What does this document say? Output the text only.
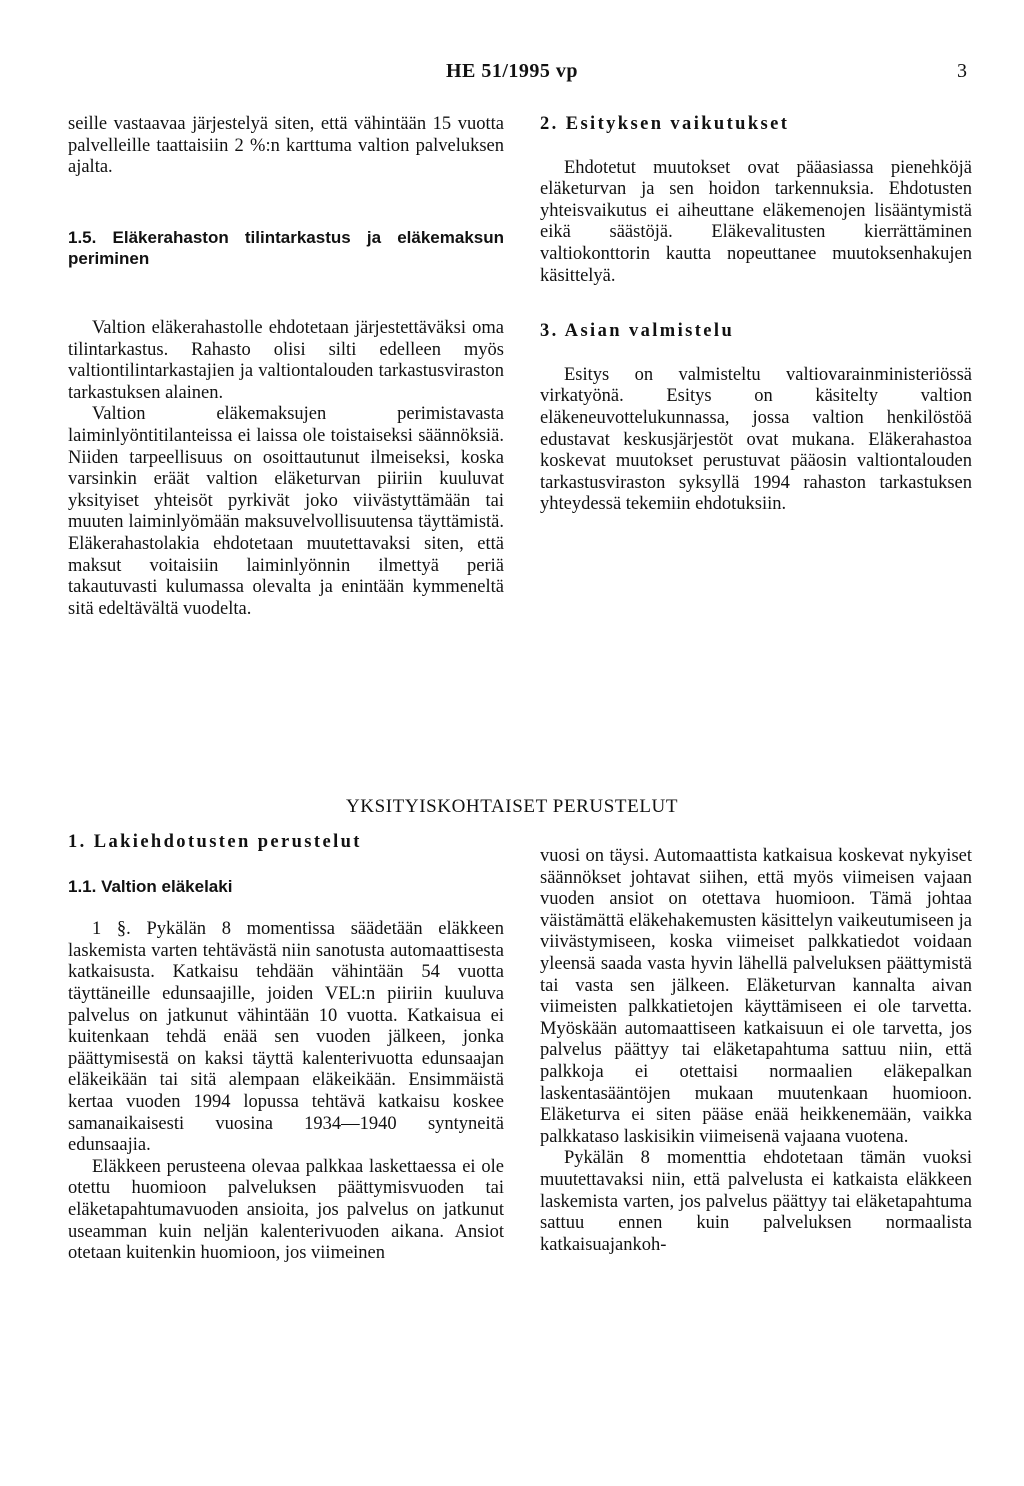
HE 51/1995 vp	3

seille vastaavaa järjestelyä siten, että vähintään 15 vuotta palvelleille taattaisiin 2 %:n karttuma valtion palveluksen ajalta.

1.5. Eläkerahaston tilintarkastus ja eläkemaksun periminen

Valtion eläkerahastolle ehdotetaan järjestettäväksi oma tilintarkastus. Rahasto olisi silti edelleen myös valtiontilintarkastajien ja valtiontalouden tarkastusviraston tarkastuksen alainen.

Valtion eläkemaksujen perimistavasta laiminlyöntitilanteissa ei laissa ole toistaiseksi säännöksiä. Niiden tarpeellisuus on osoittautunut ilmeiseksi, koska varsinkin eräät valtion eläketurvan piiriin kuuluvat yksityiset yhteisöt pyrkivät joko viivästyttämään tai muuten laiminlyömään maksuvelvollisuutensa täyttämistä. Eläkerahastolakia ehdotetaan muutettavaksi siten, että maksut voitaisiin laiminlyönnin ilmettyä periä takautuvasti kulumassa olevalta ja enintään kymmeneltä sitä edeltävältä vuodelta.

2. Esityksen vaikutukset

Ehdotetut muutokset ovat pääasiassa pienehköjä eläketurvan ja sen hoidon tarkennuksia. Ehdotusten yhteisvaikutus ei aiheuttane eläkemenojen lisääntymistä eikä säästöjä. Eläkevalitusten kierrättäminen valtiokonttorin kautta nopeuttanee muutoksenhakujen käsittelyä.

3. Asian valmistelu

Esitys on valmisteltu valtiovarainministeriössä virkatyönä. Esitys on käsitelty valtion eläkeneuvottelukunnassa, jossa valtion henkilöstöä edustavat keskusjärjestöt ovat mukana. Eläkerahastoa koskevat muutokset perustuvat pääosin valtiontalouden tarkastusviraston syksyllä 1994 rahaston tarkastuksen yhteydessä tekemiin ehdotuksiin.

YKSITYISKOHTAISET PERUSTELUT

1. Lakiehdotusten perustelut

1.1. Valtion eläkelaki

1 §. Pykälän 8 momentissa säädetään eläkkeen laskemista varten tehtävästä niin sanotusta automaattisesta katkaisusta. Katkaisu tehdään vähintään 54 vuotta täyttäneille edunsaajille, joiden VEL:n piiriin kuuluva palvelus on jatkunut vähintään 10 vuotta. Katkaisua ei kuitenkaan tehdä enää sen vuoden jälkeen, jonka päättymisestä on kaksi täyttä kalenterivuotta edunsaajan eläkeikään tai sitä alempaan eläkeikään. Ensimmäistä kertaa vuoden 1994 lopussa tehtävä katkaisu koskee samanaikaisesti vuosina 1934—1940 syntyneitä edunsaajia.

Eläkkeen perusteena olevaa palkkaa laskettaessa ei ole otettu huomioon palveluksen päättymisvuoden tai eläketapahtumavuoden ansioita, jos palvelus on jatkunut useamman kuin neljän kalenterivuoden aikana. Ansiot otetaan kuitenkin huomioon, jos viimeinen

vuosi on täysi. Automaattista katkaisua koskevat nykyiset säännökset johtavat siihen, että myös viimeisen vajaan vuoden ansiot on otettava huomioon. Tämä johtaa väistämättä eläkehakemusten käsittelyn vaikeutumiseen ja viivästymiseen, koska viimeiset palkkatiedot voidaan yleensä saada vasta hyvin lähellä palveluksen päättymistä tai vasta sen jälkeen. Eläketurvan kannalta aivan viimeisten palkkatietojen käyttämiseen ei ole tarvetta. Myöskään automaattiseen katkaisuun ei ole tarvetta, jos palvelus päättyy tai eläketapahtuma sattuu niin, että palkkoja ei otettaisi normaalien eläkepalkan laskentasääntöjen mukaan muutenkaan huomioon. Eläketurva ei siten pääse enää heikkenemään, vaikka palkkataso laskisikin viimeisenä vajaana vuotena.

Pykälän 8 momenttia ehdotetaan tämän vuoksi muutettavaksi niin, että palvelusta ei katkaista eläkkeen laskemista varten, jos palvelus päättyy tai eläketapahtuma sattuu ennen kuin palveluksen normaalista katkaisuajankoh-
